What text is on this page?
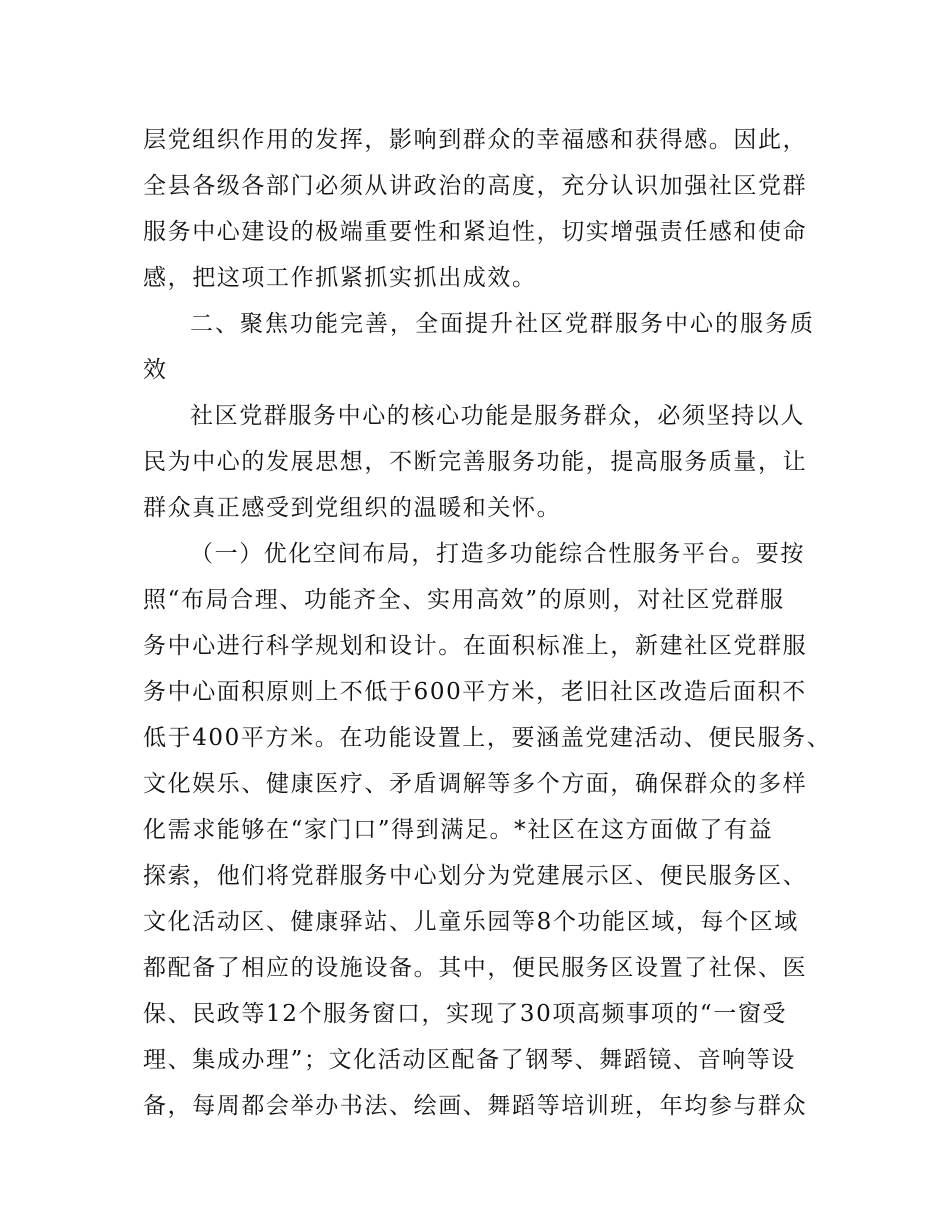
层党组织作用的发挥，影响到群众的幸福感和获得感。因此，
全县各级各部门必须从讲政治的高度，充分认识加强社区党群
服务中心建设的极端重要性和紧迫性，切实增强责任感和使命
感，把这项工作抓紧抓实抓出成效。
二、聚焦功能完善，全面提升社区党群服务中心的服务质
效
社区党群服务中心的核心功能是服务群众，必须坚持以人
民为中心的发展思想，不断完善服务功能，提高服务质量，让
群众真正感受到党组织的温暖和关怀。
（一）优化空间布局，打造多功能综合性服务平台。要按
照“布局合理、功能齐全、实用高效”的原则，对社区党群服
务中心进行科学规划和设计。在面积标准上，新建社区党群服
务中心面积原则上不低于600平方米，老旧社区改造后面积不
低于400平方米。在功能设置上，要涵盖党建活动、便民服务、
文化娱乐、健康医疗、矛盾调解等多个方面，确保群众的多样
化需求能够在“家门口”得到满足。*社区在这方面做了有益
探索，他们将党群服务中心划分为党建展示区、便民服务区、
文化活动区、健康驿站、儿童乐园等8个功能区域，每个区域
都配备了相应的设施设备。其中，便民服务区设置了社保、医
保、民政等12个服务窗口，实现了30项高频事项的“一窗受
理、集成办理”；文化活动区配备了钢琴、舞蹈镜、音响等设
备，每周都会举办书法、绘画、舞蹈等培训班，年均参与群众
